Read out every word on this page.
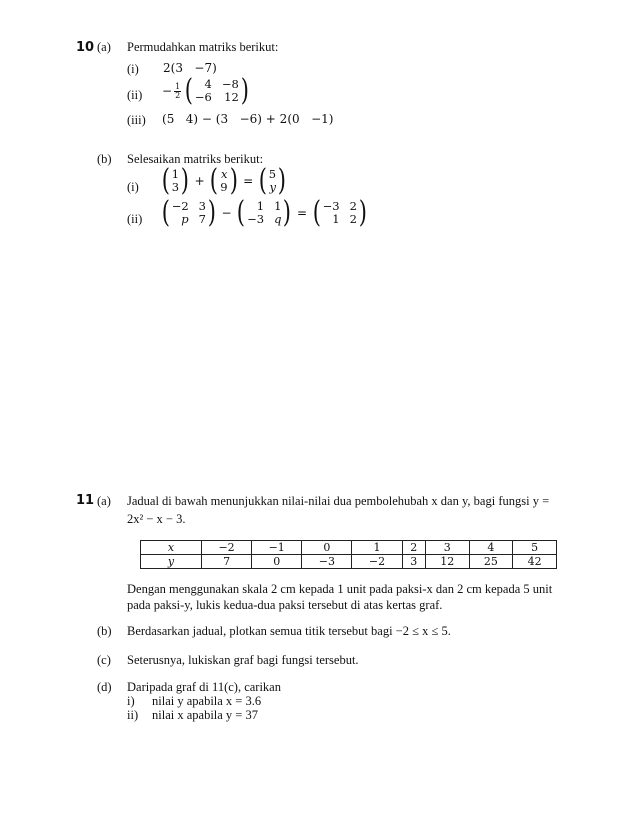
10 (a) Permudahkan matriks berikut:
(i) 2(3 −7)
$(ii) - \frac{1}{2}$ ( 4 −8
−6 12 )
(iii) (5 4) − (3 −6) + 2(0 −1)
(b) Selesaikan matriks berikut:
(i) ( 1
3 )
+
( x
9 )
=
( 5
y )
(ii) ( −2 3
p 7 )
−
( 1 1
−3 q )
=
( −3 2
1 2 )
11 (a) Jadual di bawah menunjukkan nilai-nilai dua pembolehubah x dan y, bagi fungsi y =
2x² − x − 3.
x	−2	−1	0	1	2	3	4	5
y	7	0	−3	−2	3	12	25	42
Dengan menggunakan skala 2 cm kepada 1 unit pada paksi-x dan 2 cm kepada 5 unit
pada paksi-y, lukis kedua-dua paksi tersebut di atas kertas graf.
(b) Berdasarkan jadual, plotkan semua titik tersebut bagi −2 ≤ x ≤ 5.
(c) Seterusnya, lukiskan graf bagi fungsi tersebut.
(d) Daripada graf di 11(c), carikan
i) nilai y apabila x = 3.6
ii) nilai x apabila y = 37
